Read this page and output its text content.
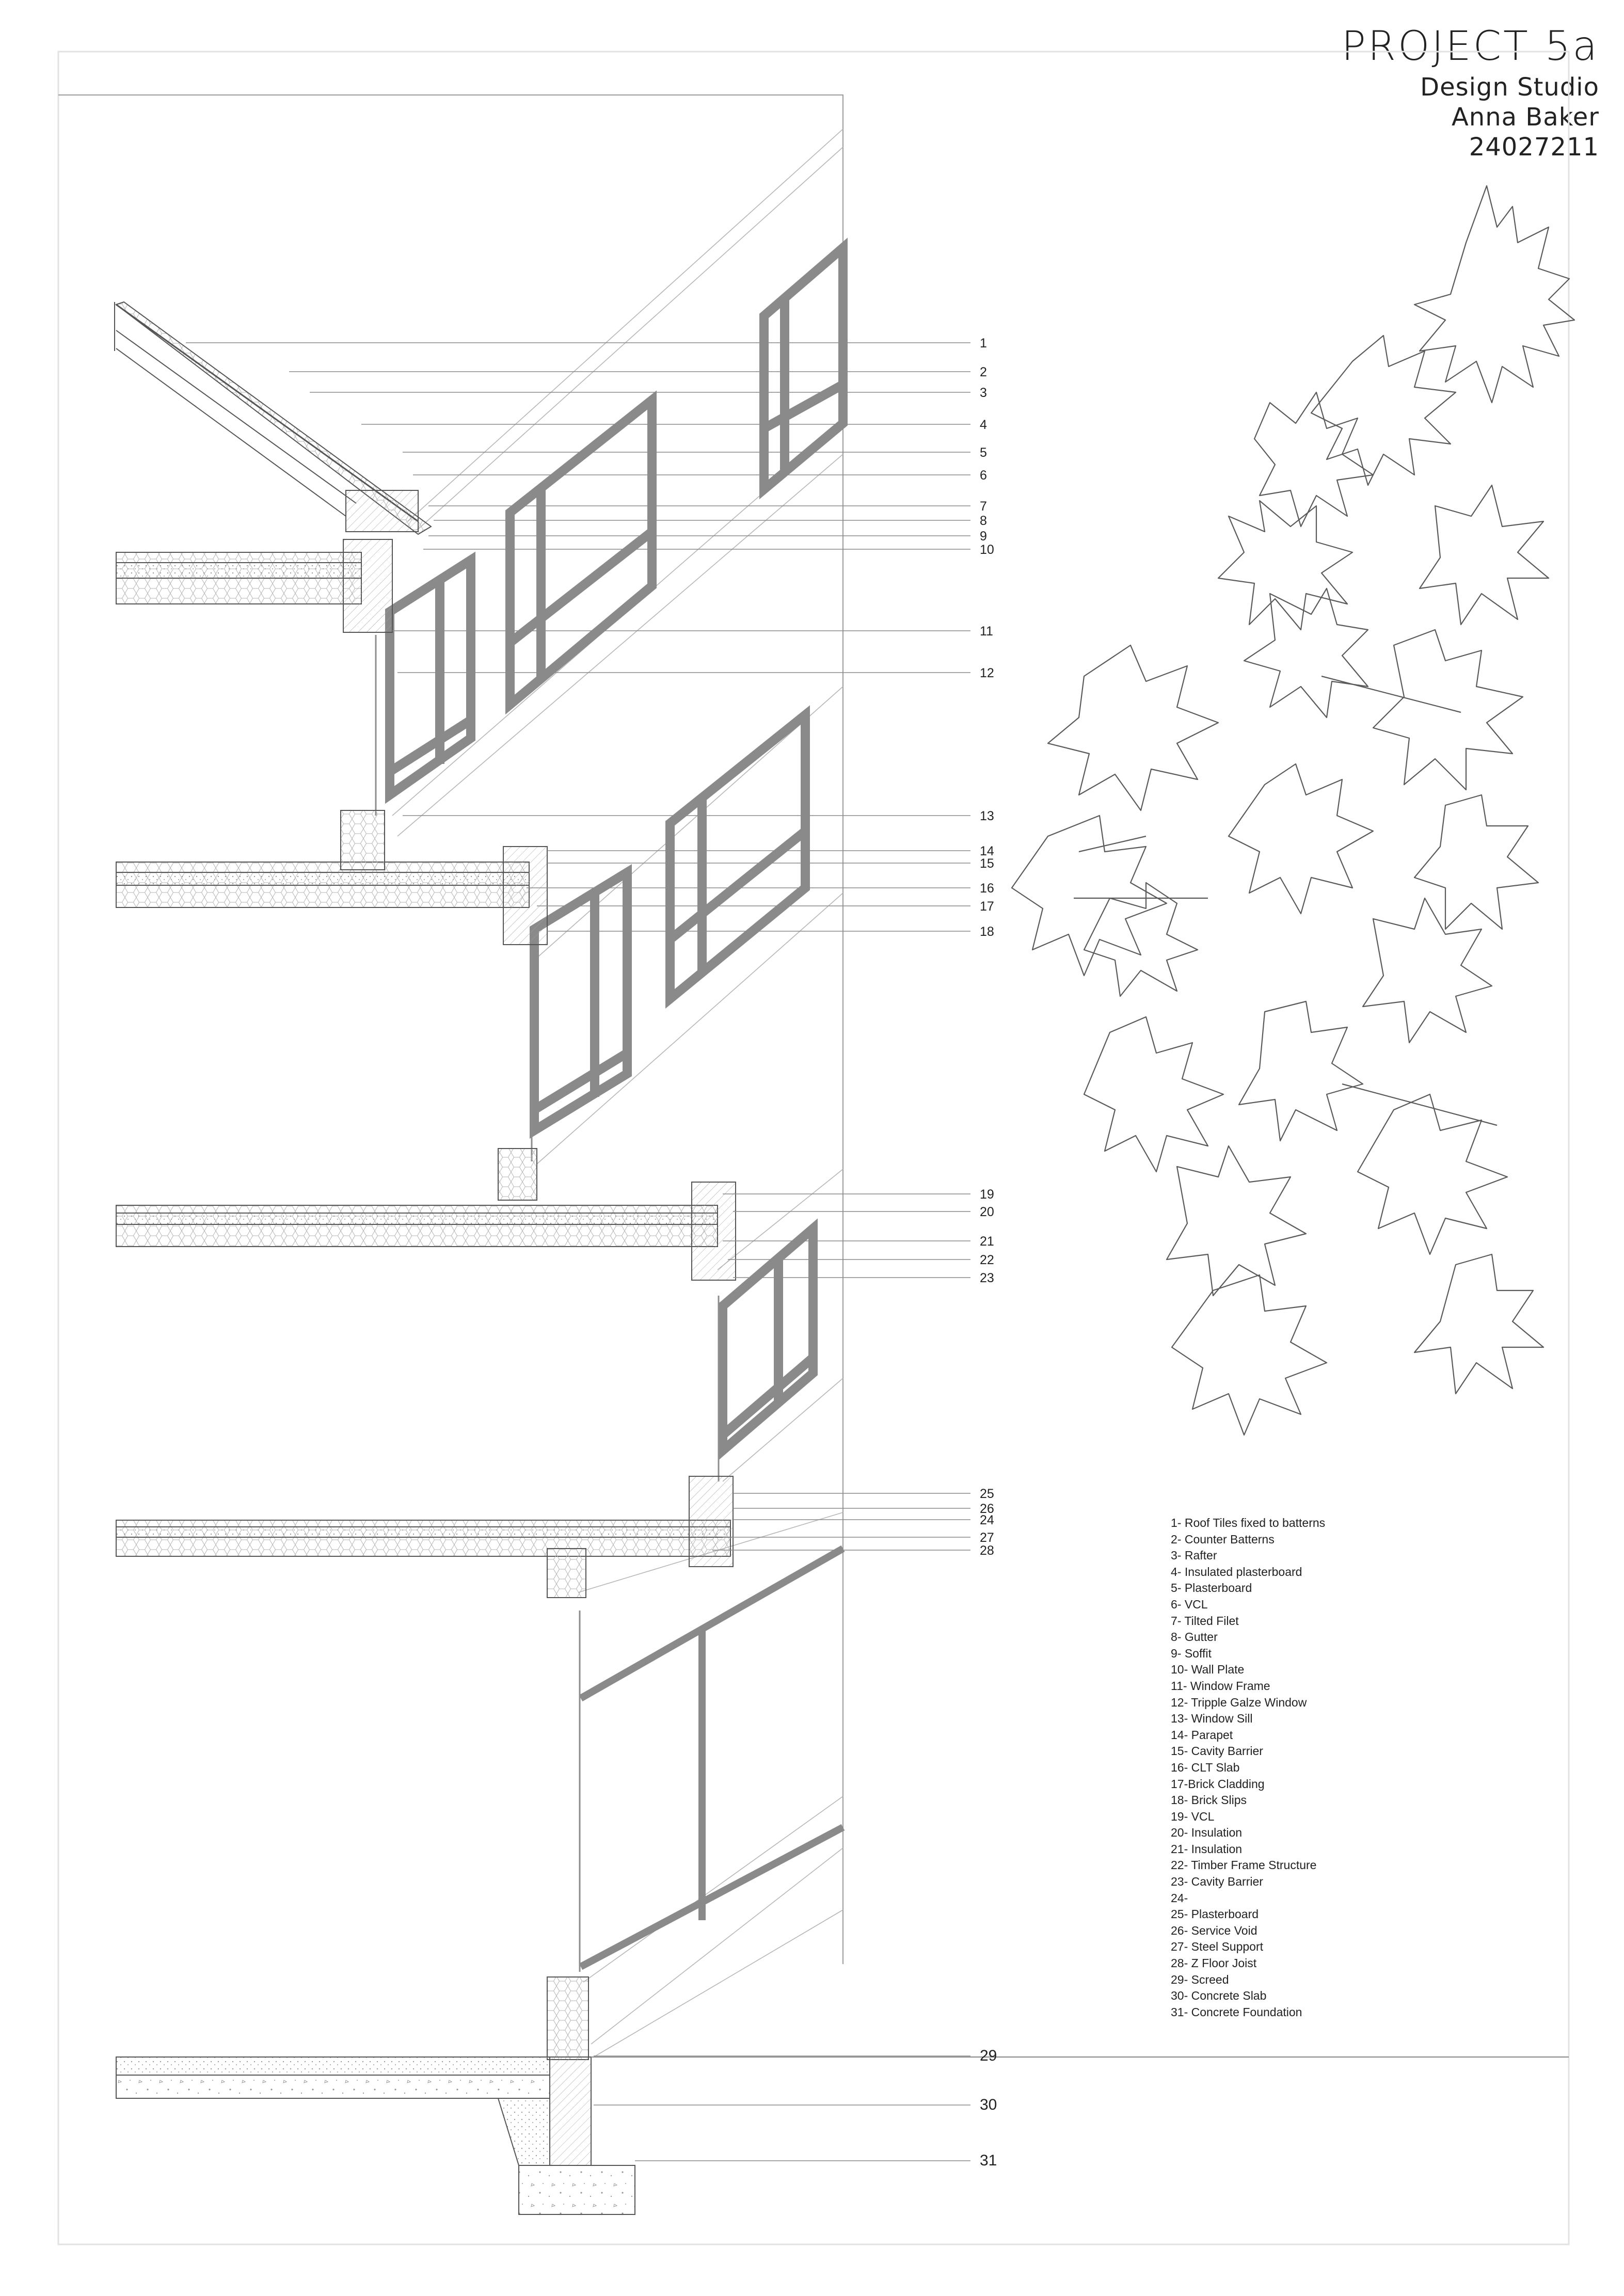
PROJECT 5a
Design Studio
Anna Baker
24027211
1
2
3
4
5
6
7
8
9
10
11
12
13
14
15
16
17
18
19
20
21
22
23
24
25
26
27
28
29
30
31
1- Roof Tiles fixed to batterns
2- Counter Batterns
3- Rafter
4- Insulated plasterboard
5- Plasterboard
6- VCL
7- Tilted Filet
8- Gutter
9- Soffit
10- Wall Plate
11- Window Frame
12- Tripple Galze Window
13- Window Sill
14- Parapet
15- Cavity Barrier
16- CLT Slab
17-Brick Cladding
18- Brick Slips
19- VCL
20- Insulation
21- Insulation
22- Timber Frame Structure
23- Cavity Barrier
24-
25- Plasterboard
26- Service Void
27- Steel Support
28- Z Floor Joist
29- Screed
30- Concrete Slab
31- Concrete Foundation
